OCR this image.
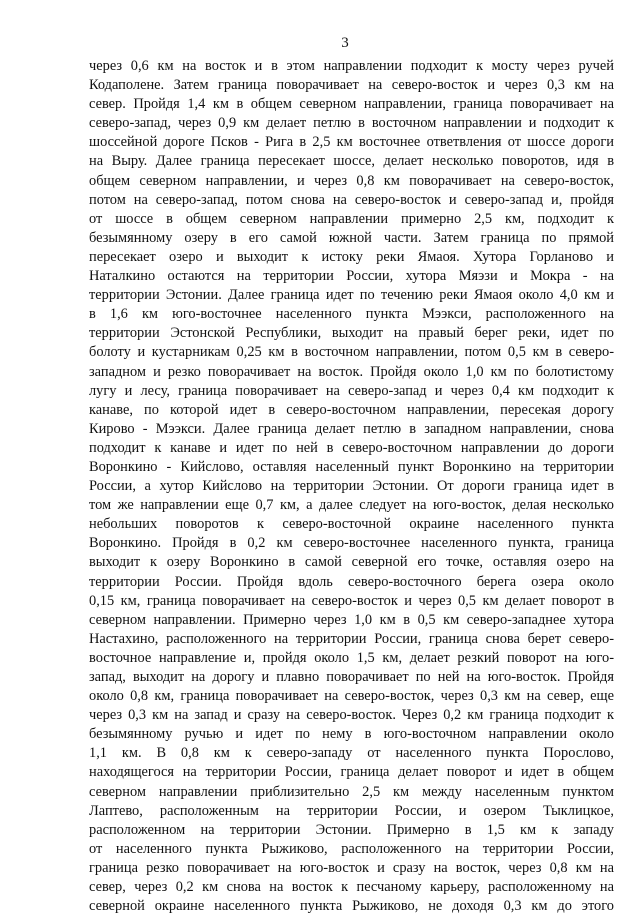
3
через 0,6 км на восток и в этом направлении подходит к мосту через ручей
Кодаполене. Затем граница поворачивает на северо-восток и через 0,3 км на
север. Пройдя 1,4 км в общем северном направлении, граница поворачивает на
северо-запад, через 0,9 км делает петлю в восточном направлении и подходит к
шоссейной дороге Псков - Рига в 2,5 км восточнее ответвления от шоссе дороги
на Выру. Далее граница пересекает шоссе, делает несколько поворотов, идя в
общем северном направлении, и через 0,8 км поворачивает на северо-восток,
потом на северо-запад, потом снова на северо-восток и северо-запад и, пройдя
от шоссе в общем северном направлении примерно 2,5 км, подходит к
безымянному озеру в его самой южной части. Затем граница по прямой
пересекает озеро и выходит к истоку реки Ямаоя. Хутора Горланово и
Наталкино остаются на территории России, хутора Мяэзи и Мокра - на
территории Эстонии. Далее граница идет по течению реки Ямаоя около 4,0 км и
в 1,6 км юго-восточнее населенного пункта Мээкси, расположенного на
территории Эстонской Республики, выходит на правый берег реки, идет по
болоту и кустарникам 0,25 км в восточном направлении, потом 0,5 км в северо-
западном и резко поворачивает на восток. Пройдя около 1,0 км по болотистому
лугу и лесу, граница поворачивает на северо-запад и через 0,4 км подходит к
канаве, по которой идет в северо-восточном направлении, пересекая дорогу
Кирово - Мээкси. Далее граница делает петлю в западном направлении, снова
подходит к канаве и идет по ней в северо-восточном направлении до дороги
Воронкино - Кийслово, оставляя населенный пункт Воронкино на территории
России, а хутор Кийслово на территории Эстонии. От дороги граница идет в
том же направлении еще 0,7 км, а далее следует на юго-восток, делая несколько
небольших поворотов к северо-восточной окраине населенного пункта
Воронкино. Пройдя в 0,2 км северо-восточнее населенного пункта, граница
выходит к озеру Воронкино в самой северной его точке, оставляя озеро на
территории России. Пройдя вдоль северо-восточного берега озера около
0,15 км, граница поворачивает на северо-восток и через 0,5 км делает поворот в
северном направлении. Примерно через 1,0 км в 0,5 км северо-западнее хутора
Настахино, расположенного на территории России, граница снова берет северо-
восточное направление и, пройдя около 1,5 км, делает резкий поворот на юго-
запад, выходит на дорогу и плавно поворачивает по ней на юго-восток. Пройдя
около 0,8 км, граница поворачивает на северо-восток, через 0,3 км на север, еще
через 0,3 км на запад и сразу на северо-восток. Через 0,2 км граница подходит к
безымянному ручью и идет по нему в юго-восточном направлении около
1,1 км. В 0,8 км к северо-западу от населенного пункта Порослово,
находящегося на территории России, граница делает поворот и идет в общем
северном направлении приблизительно 2,5 км между населенным пунктом
Лаптево, расположенным на территории России, и озером Тыклицкое,
расположенном на территории Эстонии. Примерно в 1,5 км к западу
от населенного пункта Рыжиково, расположенного на территории России,
граница резко поворачивает на юго-восток и сразу на восток, через 0,8 км на
север, через 0,2 км снова на восток к песчаному карьеру, расположенному на
северной окраине населенного пункта Рыжиково, не доходя 0,3 км до этого
